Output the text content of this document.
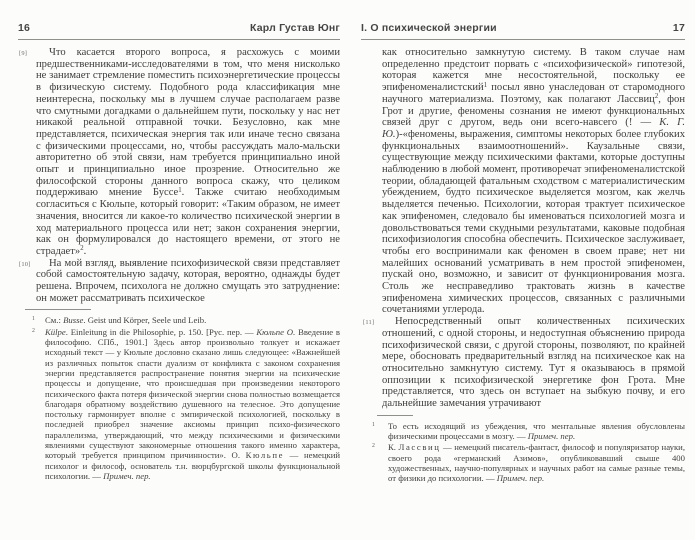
16	Карл Густав Юнг

[9] Что касается второго вопроса, я расхожусь с моими предшественниками-исследователями в том, что меня нисколько не занимает стремление поместить психоэнергетические процессы в физическую систему. Подобного рода классификация мне неинтересна, поскольку мы в лучшем случае располагаем разве что смутными догадками о дальнейшем пути, поскольку у нас нет никакой реальной отправной точки. Безусловно, как мне представляется, психическая энергия так или иначе тесно связана с физическими процессами, но, чтобы рассуждать мало-мальски авторитетно об этой связи, нам требуется принципиально иной опыт и принципиально иное прозрение. Относительно же философской стороны данного вопроса скажу, что целиком поддерживаю мнение Буссе$^1$. Также считаю необходимым согласиться с Кюльпе, который говорит: «Таким образом, не имеет значения, вносится ли какое-то количество психической энергии в ход материального процесса или нет; закон сохранения энергии, как он формулировался до настоящего времени, от этого не страдает»$^2$.

[10] На мой взгляд, выявление психофизической связи представляет собой самостоятельную задачу, которая, вероятно, однажды будет решена. Впрочем, психолога не должно смущать это затруднение: он может рассматривать психическое

1 См.: Busse. Geist und Körper, Seele und Leib.
2 Külpe. Einleitung in die Philosophie, p. 150. [Рус. пер. — Кюльпе О. Введение в философию. СПб., 1901.] Здесь автор произвольно толкует и искажает исходный текст — у Кюльпе дословно сказано лишь следующее: «Важнейшей из различных попыток спасти дуализм от конфликта с законом сохранения энергии представляется распространение понятия энергии на психические процессы и допущение, что происшедшая при произведении некоторого психического факта потеря физической энергии снова полностью возмещается благодаря обратному воздействию душевного на телесное. Это допущение постольку гармонирует вполне с эмпирической психологией, поскольку в последней приобрел значение аксиомы принцип психо-физического параллелизма, утверждающий, что между психическими и физическими явлениями существуют закономерные отношения такого именно характера, который требуется принципом причинности». О. Кюльпе — немецкий психолог и философ, основатель т.н. вюрцбургской школы функциональной психологии. — Примеч. пер.
I. О психической энергии	17

как относительно замкнутую систему. В таком случае нам определенно предстоит порвать с «психофизической» гипотезой, которая кажется мне несостоятельной, поскольку ее эпифеноменалистский$^1$ посыл явно унаследован от старомодного научного материализма. Поэтому, как полагают Лассвиц$^2$, фон Грот и другие, феномены сознания не имеют функциональных связей друг с другом, ведь они всего-навсего (! — К. Г. Ю.)-«феномены, выражения, симптомы некоторых более глубоких функциональных взаимоотношений». Каузальные связи, существующие между психическими фактами, которые доступны наблюдению в любой момент, противоречат эпифеноменалистской теории, обладающей фатальным сходством с материалистическим убеждением, будто психическое выделяется мозгом, как желчь выделяется печенью. Психологии, которая трактует психическое как эпифеномен, следовало бы именоваться психологией мозга и довольствоваться теми скудными результатами, каковые подобная психофизиология способна обеспечить. Психическое заслуживает, чтобы его воспринимали как феномен в своем праве; нет ни малейших оснований усматривать в нем простой эпифеномен, пускай оно, возможно, и зависит от функционирования мозга. Столь же несправедливо трактовать жизнь в качестве эпифеномена химических процессов, связанных с различными сочетаниями углерода.

[11] Непосредственный опыт количественных психических отношений, с одной стороны, и недоступная объяснению природа психофизической связи, с другой стороны, позволяют, по крайней мере, обосновать предварительный взгляд на психическое как на относительно замкнутую систему. Тут я оказываюсь в прямой оппозиции к психофизической энергетике фон Грота. Мне представляется, что здесь он вступает на зыбкую почву, и его дальнейшие замечания утрачивают

1 То есть исходящий из убеждения, что ментальные явления обусловлены физическими процессами в мозгу. — Примеч. пер.
2 К. Лассвиц — немецкий писатель-фантаст, философ и популяризатор науки, своего рода «германский Азимов», опубликовавший свыше 400 художественных, научно-популярных и научных работ на самые разные темы, от физики до психологии. — Примеч. пер.
